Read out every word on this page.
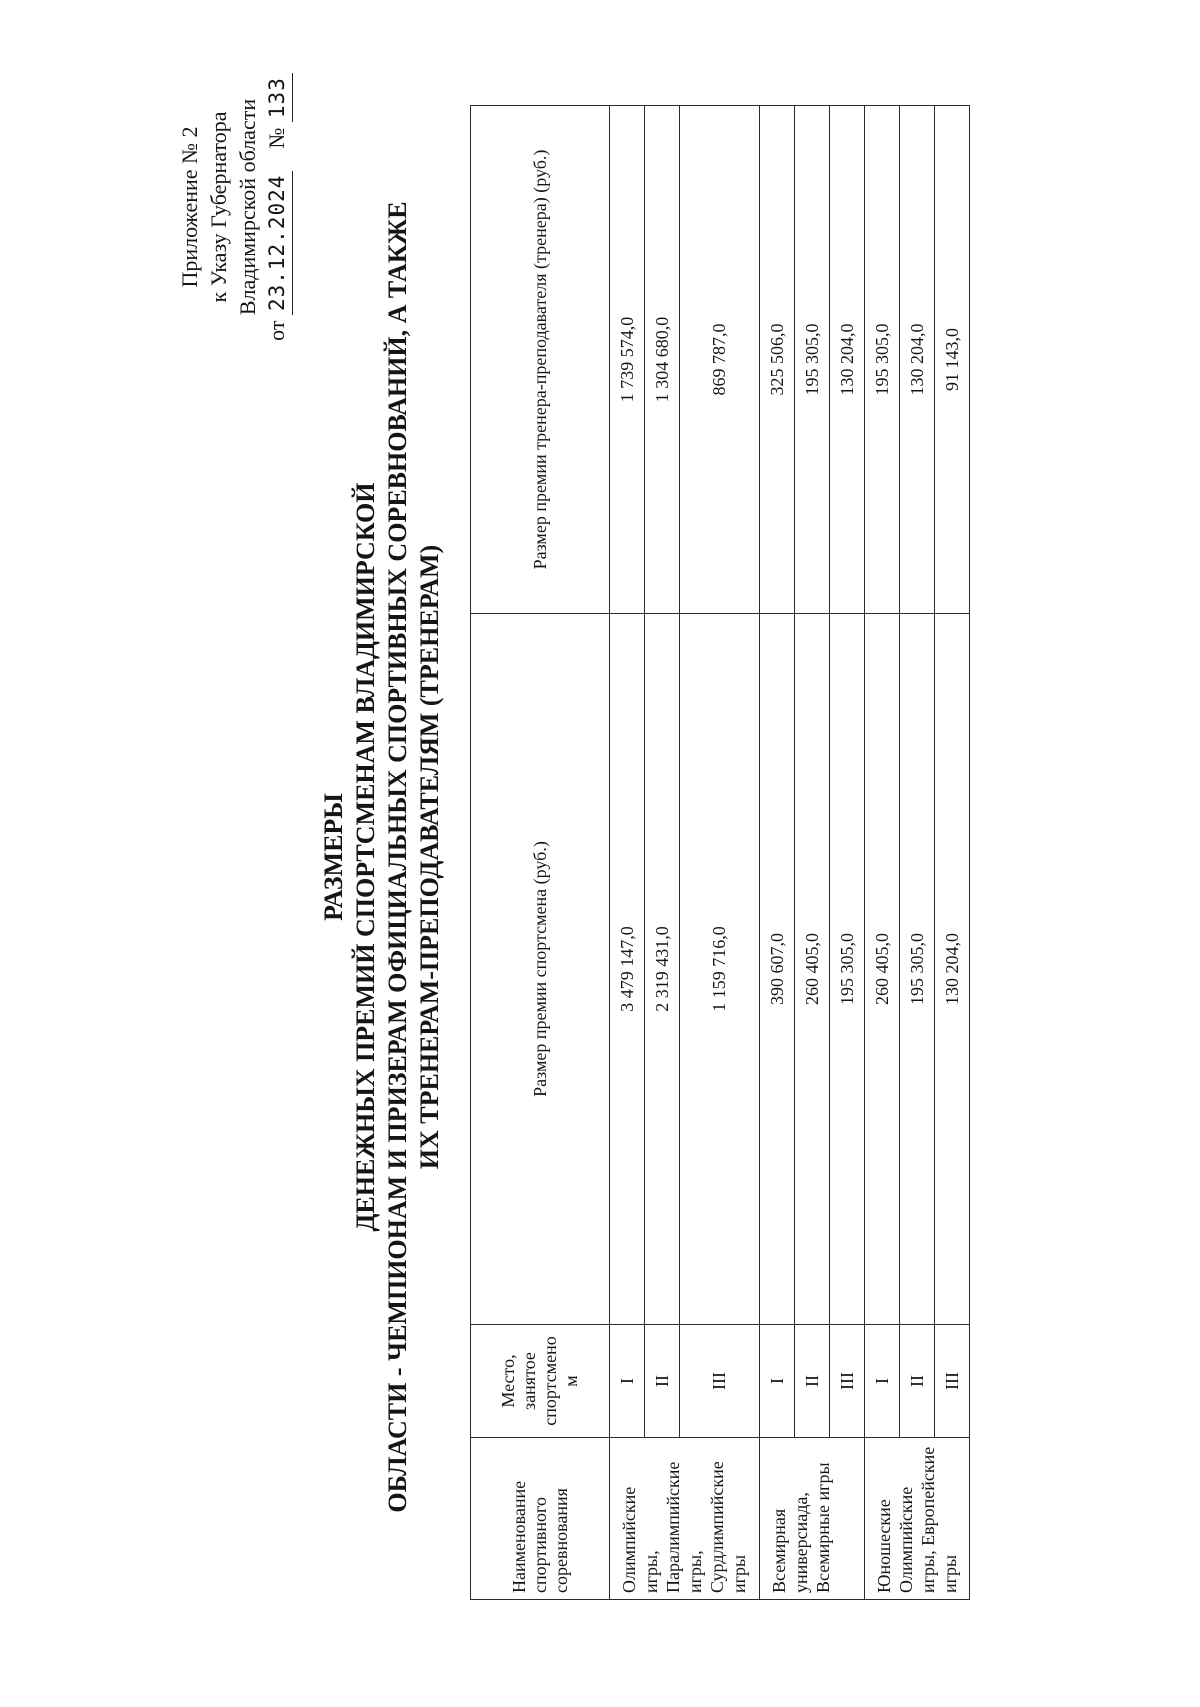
Приложение № 2 к Указу Губернатора Владимирской области
от 23.12.2024    № 133
РАЗМЕРЫ ДЕНЕЖНЫХ ПРЕМИЙ СПОРТСМЕНАМ ВЛАДИМИРСКОЙ ОБЛАСТИ - ЧЕМПИОНАМ И ПРИЗЕРАМ ОФИЦИАЛЬНЫХ СПОРТИВНЫХ СОРЕВНОВАНИЙ, А ТАКЖЕ ИХ ТРЕНЕРАМ-ПРЕПОДАВАТЕЛЯМ (ТРЕНЕРАМ)
Наименование спортивного соревнования	Место, занятое спортсмено м	Размер премии спортсмена (руб.)	Размер премии тренера-преподавателя (тренера) (руб.)
Олимпийские игры, Паралимпийские игры, Сурдлимпийские игры	I	3 479 147,0	1 739 574,0
	II	2 319 431,0	1 304 680,0
	III	1 159 716,0	869 787,0
Всемирная универсиада, Всемирные игры	I	390 607,0	325 506,0
	II	260 405,0	195 305,0
	III	195 305,0	130 204,0
Юношеские Олимпийские игры, Европейские игры	I	260 405,0	195 305,0
	II	195 305,0	130 204,0
	III	130 204,0	91 143,0
